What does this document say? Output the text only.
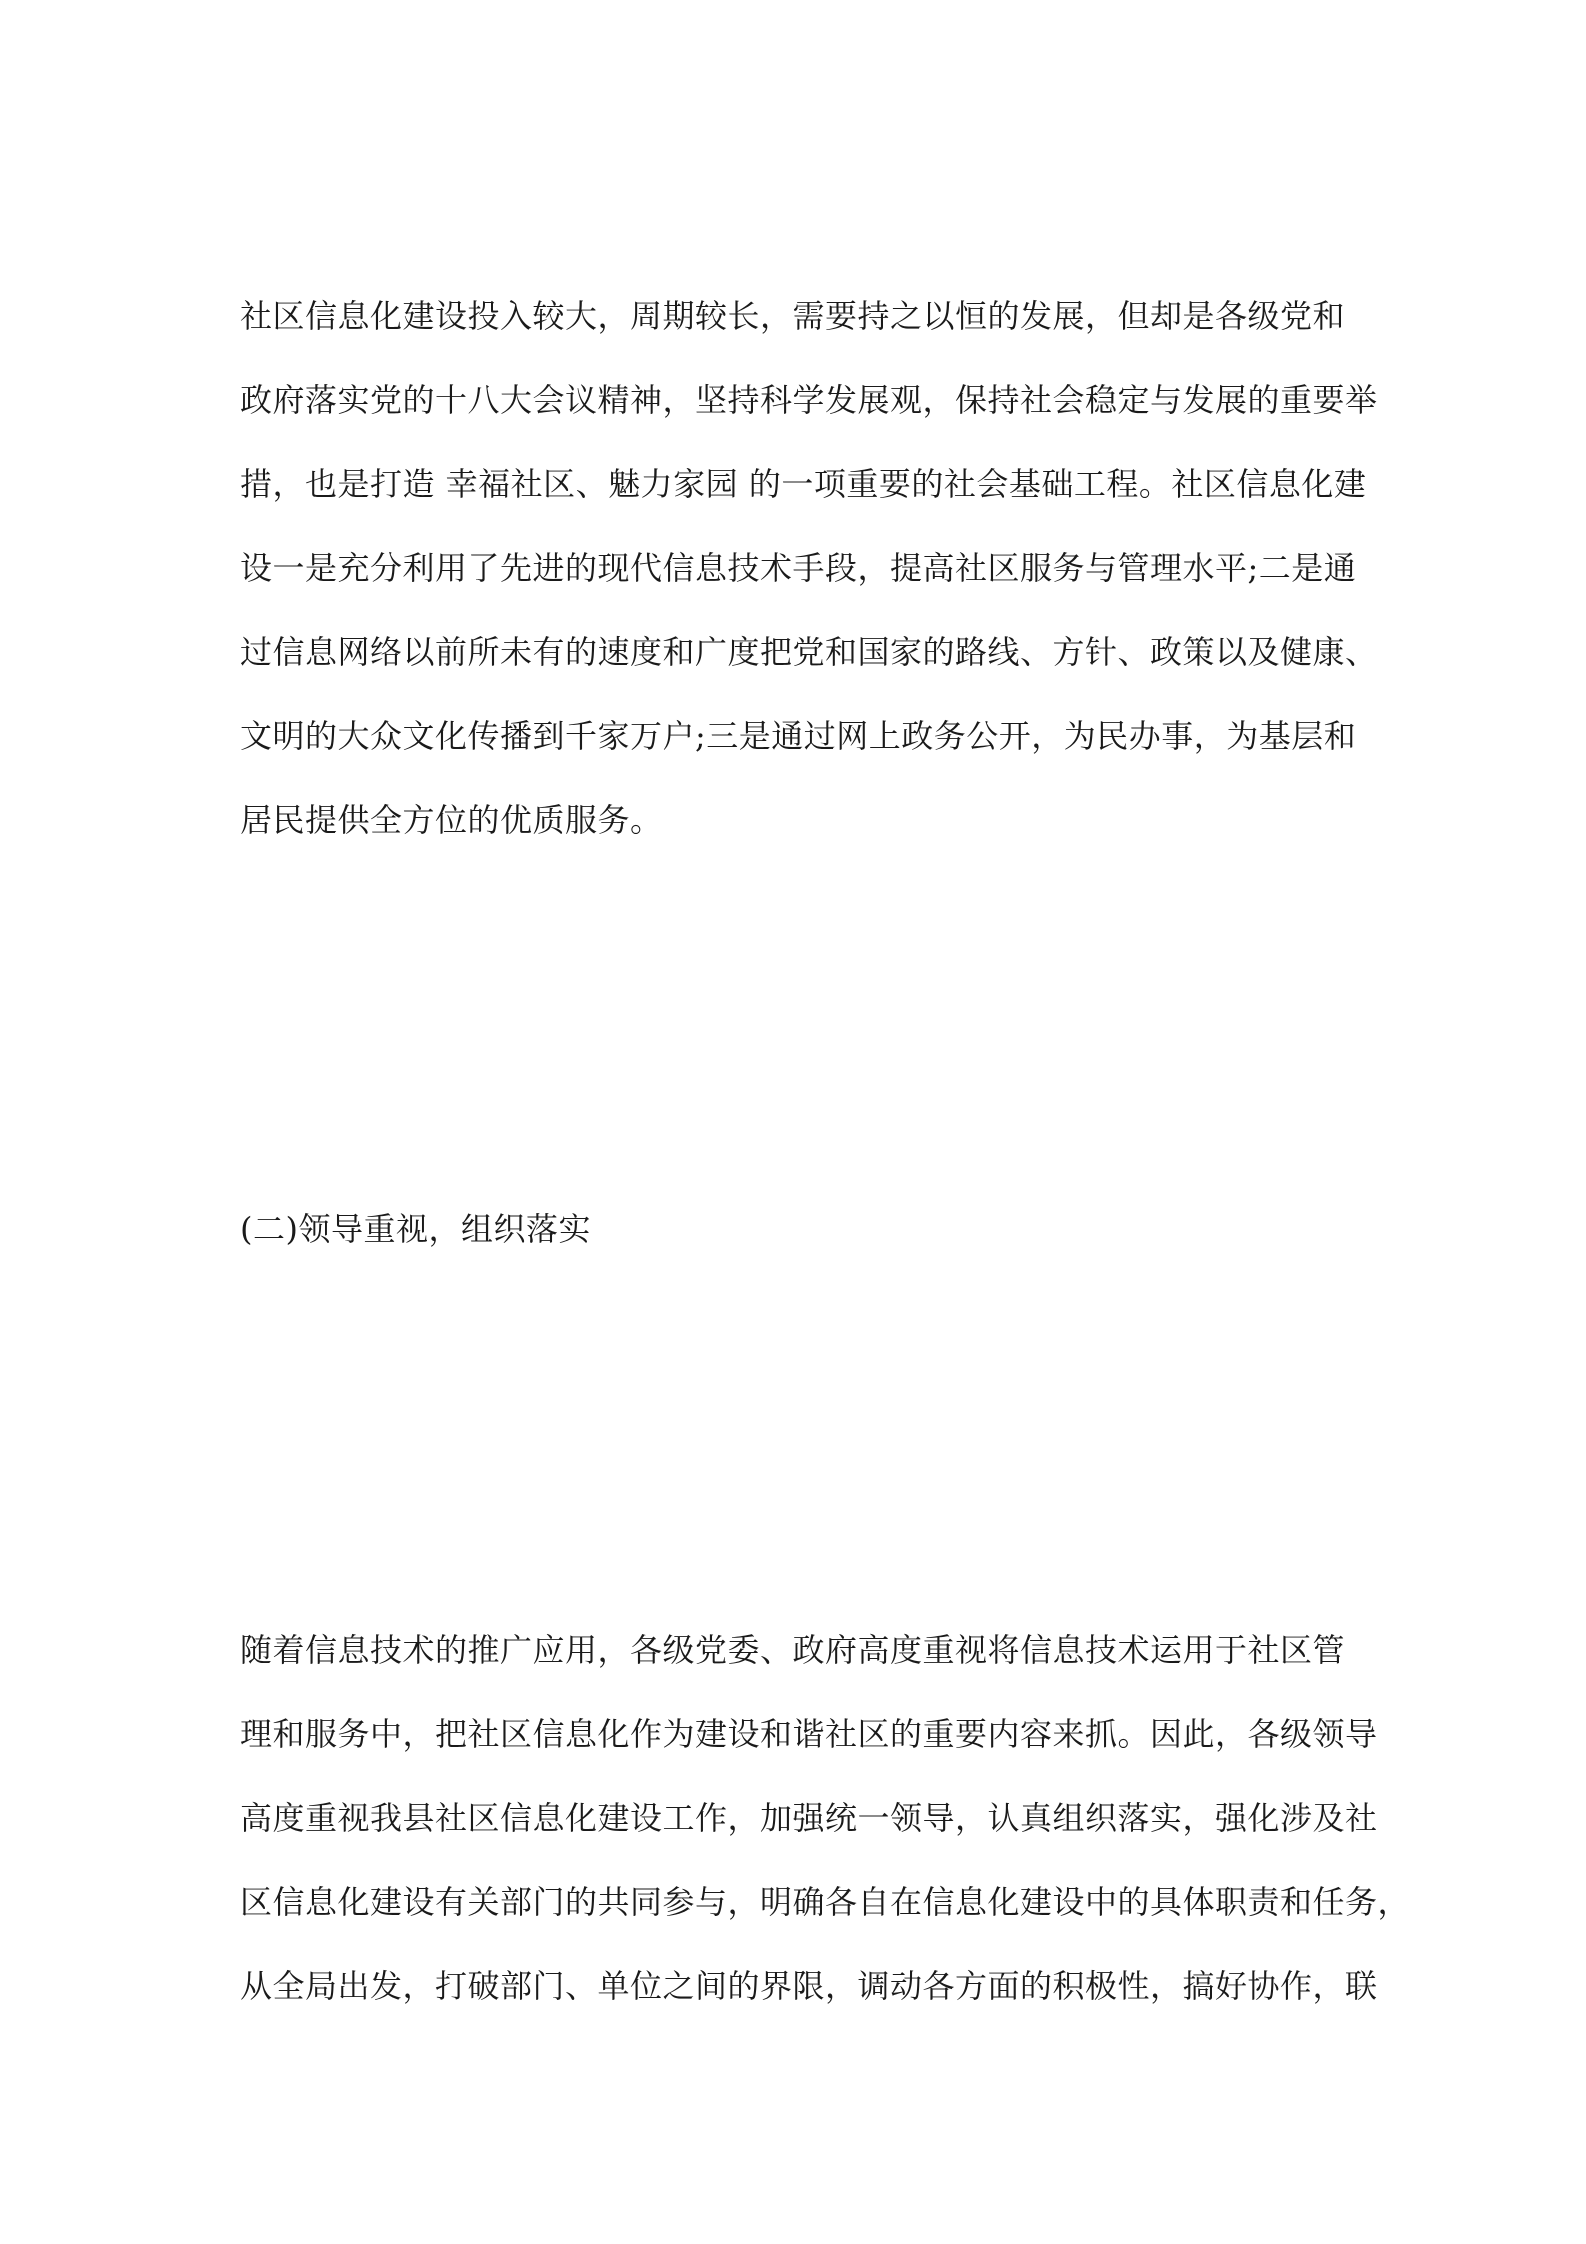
社区信息化建设投入较大，周期较长，需要持之以恒的发展，但却是各级党和
政府落实党的十八大会议精神，坚持科学发展观，保持社会稳定与发展的重要举
措，也是打造 幸福社区、魅力家园 的一项重要的社会基础工程。社区信息化建
设一是充分利用了先进的现代信息技术手段，提高社区服务与管理水平;二是通
过信息网络以前所未有的速度和广度把党和国家的路线、方针、政策以及健康、
文明的大众文化传播到千家万户;三是通过网上政务公开，为民办事，为基层和
居民提供全方位的优质服务。
(二)领导重视，组织落实
随着信息技术的推广应用，各级党委、政府高度重视将信息技术运用于社区管
理和服务中，把社区信息化作为建设和谐社区的重要内容来抓。因此，各级领导
高度重视我县社区信息化建设工作，加强统一领导，认真组织落实，强化涉及社
区信息化建设有关部门的共同参与，明确各自在信息化建设中的具体职责和任务，
从全局出发，打破部门、单位之间的界限，调动各方面的积极性，搞好协作，联
